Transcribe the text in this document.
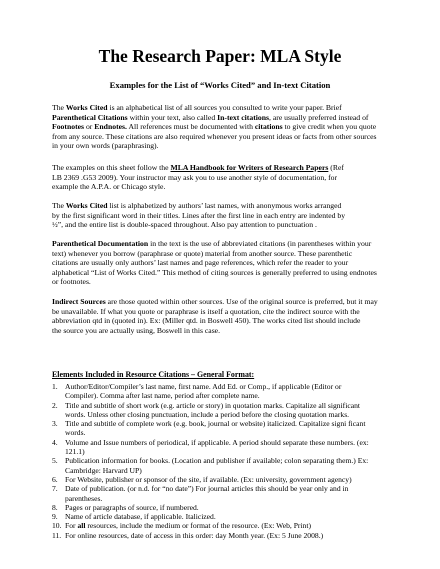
The Research Paper: MLA Style
Examples for the List of “Works Cited” and In-text Citation
The Works Cited is an alphabetical list of all sources you consulted to write your paper. Brief
Parenthetical Citations within your text, also called In-text citations, are usually preferred instead of
Footnotes or Endnotes. All references must be documented with citations to give credit when you quote
from any source. These citations are also required whenever you present ideas or facts from other sources
in your own words (paraphrasing).
The examples on this sheet follow the MLA Handbook for Writers of Research Papers (Ref
LB 2369 .G53 2009). Your instructor may ask you to use another style of documentation, for
example the A.P.A. or Chicago style.
The Works Cited list is alphabetized by authors’ last names, with anonymous works arranged
by the first significant word in their titles. Lines after the first line in each entry are indented by
½”, and the entire list is double-spaced throughout. Also pay attention to punctuation .
Parenthetical Documentation in the text is the use of abbreviated citations (in parentheses within your
text) whenever you borrow (paraphrase or quote) material from another source. These parenthetic
citations are usually only authors’ last names and page references, which refer the reader to your
alphabetical “List of Works Cited.” This method of citing sources is generally preferred to using endnotes
or footnotes.
Indirect Sources are those quoted within other sources. Use of the original source is preferred, but it may
be unavailable. If what you quote or paraphrase is itself a quotation, cite the indirect source with the
abbreviation qtd in (quoted in). Ex: (Miller qtd. in Boswell 450). The works cited list should include
the source you are actually using, Boswell in this case.
Elements Included in Resource Citations – General Format:
1. Author/Editor/Compiler’s last name, first name. Add Ed. or Comp., if applicable (Editor or
Compiler). Comma after last name, period after complete name.
2. Title and subtitle of short work (e.g. article or story) in quotation marks. Capitalize all significant
words. Unless other closing punctuation, include a period before the closing quotation marks.
3. Title and subtitle of complete work (e.g. book, journal or website) italicized. Capitalize signi ficant
words.
4. Volume and Issue numbers of periodical, if applicable. A period should separate these numbers. (ex:
121.1)
5. Publication information for books. (Location and publisher if available; colon separating them.) Ex:
Cambridge: Harvard UP)
6. For Website, publisher or sponsor of the site, if available. (Ex: university, government agency)
7. Date of publication. (or n.d. for “no date”) For journal articles this should be year only and in
parentheses.
8. Pages or paragraphs of source, if numbered.
9. Name of article database, if applicable. Italicized.
10. For all resources, include the medium or format of the resource. (Ex: Web, Print)
11. For online resources, date of access in this order: day Month year. (Ex: 5 June 2008.)
